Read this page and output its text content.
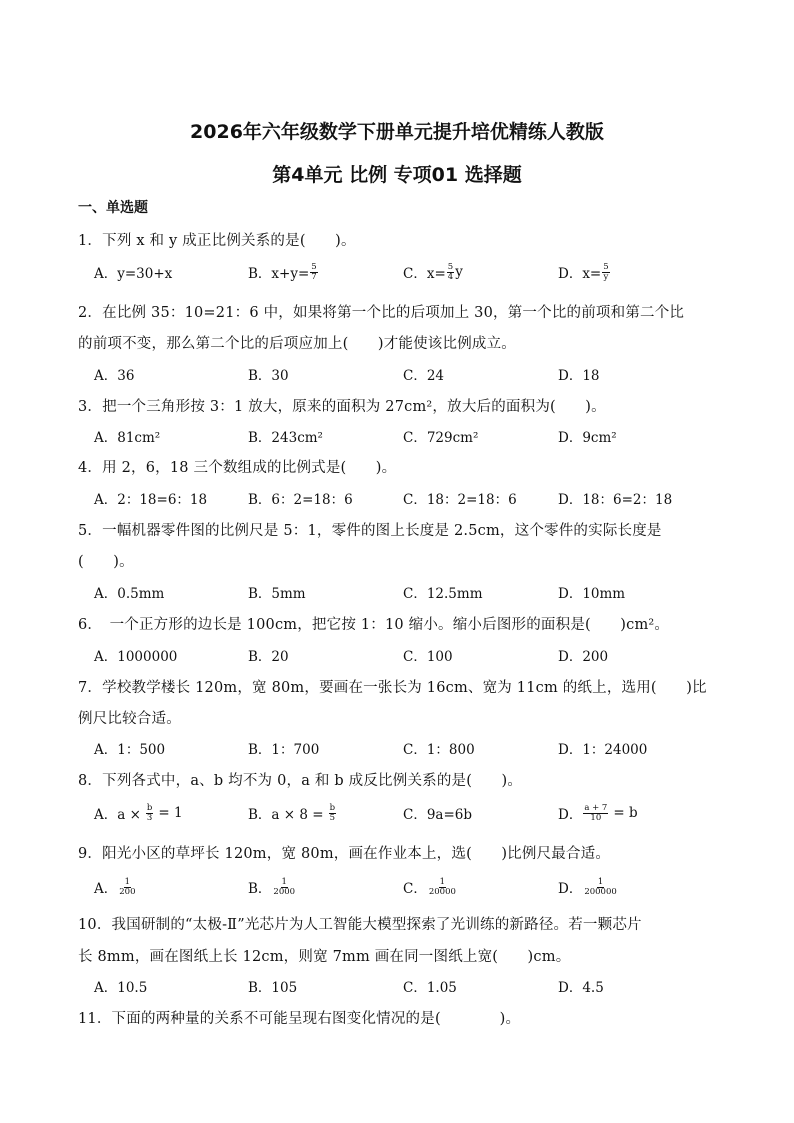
2026年六年级数学下册单元提升培优精练人教版
第4单元 比例 专项01 选择题
一、单选题
1．下列 x 和 y 成正比例关系的是(　　)。
A．y=30+x	B．$x+y= \frac{5}{7}$	C．$x= \frac{5}{4}$ y	D．$x= \frac{5}{y}$
2．在比例 35：10=21：6 中，如果将第一个比的后项加上 30，第一个比的前项和第二个比
的前项不变，那么第二个比的后项应加上(　　)才能使该比例成立。
A．36	B．30	C．24	D．18
3．把一个三角形按 3：1 放大，原来的面积为 27cm²，放大后的面积为(　　)。
A．81cm²	B．243cm²	C．729cm²	D．9cm²
4．用 2，6，18 三个数组成的比例式是(　　)。
A．2：18=6：18	B．6：2=18：6	C．18：2=18：6	D．18：6=2：18
5．一幅机器零件图的比例尺是 5：1，零件的图上长度是 2.5cm，这个零件的实际长度是
(　　)。
A．0.5mm	B．5mm	C．12.5mm	D．10mm
6．　一个正方形的边长是 100cm，把它按 1：10 缩小。缩小后图形的面积是(　　)cm²。
A．1000000	B．20	C．100	D．200
7．学校教学楼长 120m，宽 80m，要画在一张长为 16cm、宽为 11cm 的纸上，选用(　　)比
例尺比较合适。
A．1：500	B．1：700	C．1：800	D．1：24000
8．下列各式中，a、b 均不为 0，a 和 b 成反比例关系的是(　　)。
A．$a \times \frac{b}{3} = 1$	B．$a \times 8 = \frac{b}{5}$	C．9a=6b	D． $\frac{a + 7}{10} = b$
9．阳光小区的草坪长 120m，宽 80m，画在作业本上，选(　　)比例尺最合适。
A． $\frac{1}{200}$	B． $\frac{1}{2000}$	C． $\frac{1}{20000}$	D． $\frac{1}{200000}$
10．我国研制的“太极-Ⅱ”光芯片为人工智能大模型探索了光训练的新路径。若一颗芯片
长 8mm，画在图纸上长 12cm，则宽 7mm 画在同一图纸上宽(　　)cm。
A．10.5	B．105	C．1.05	D．4.5
11．下面的两种量的关系不可能呈现右图变化情况的是(　　　　)。
